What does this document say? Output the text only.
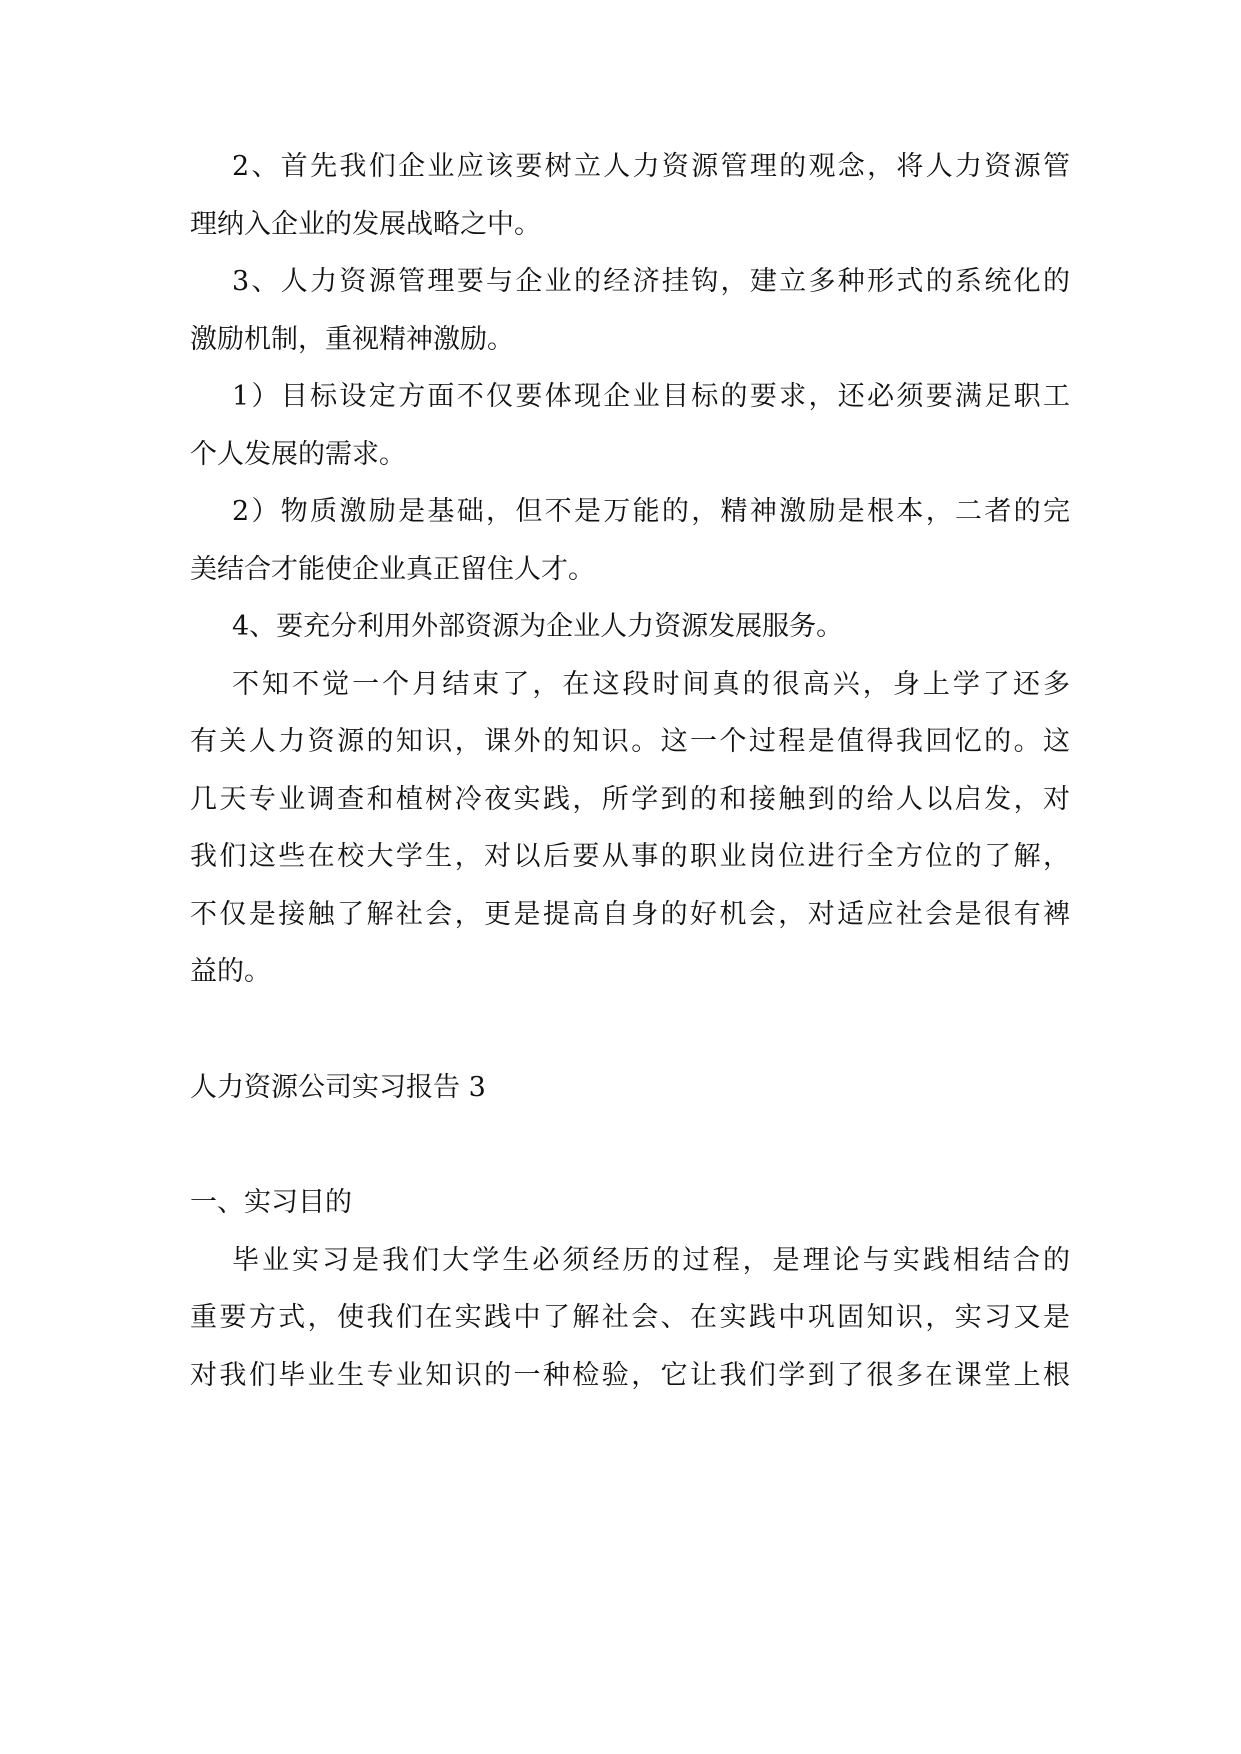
2、首先我们企业应该要树立人力资源管理的观念，将人力资源管
理纳入企业的发展战略之中。
3、人力资源管理要与企业的经济挂钩，建立多种形式的系统化的
激励机制，重视精神激励。
1）目标设定方面不仅要体现企业目标的要求，还必须要满足职工
个人发展的需求。
2）物质激励是基础，但不是万能的，精神激励是根本，二者的完
美结合才能使企业真正留住人才。
4、要充分利用外部资源为企业人力资源发展服务。
不知不觉一个月结束了，在这段时间真的很高兴，身上学了还多
有关人力资源的知识，课外的知识。这一个过程是值得我回忆的。这
几天专业调查和植树冷夜实践，所学到的和接触到的给人以启发，对
我们这些在校大学生，对以后要从事的职业岗位进行全方位的了解，
不仅是接触了解社会，更是提高自身的好机会，对适应社会是很有裨
益的。
人力资源公司实习报告 3
一、实习目的
毕业实习是我们大学生必须经历的过程，是理论与实践相结合的
重要方式，使我们在实践中了解社会、在实践中巩固知识，实习又是
对我们毕业生专业知识的一种检验，它让我们学到了很多在课堂上根
